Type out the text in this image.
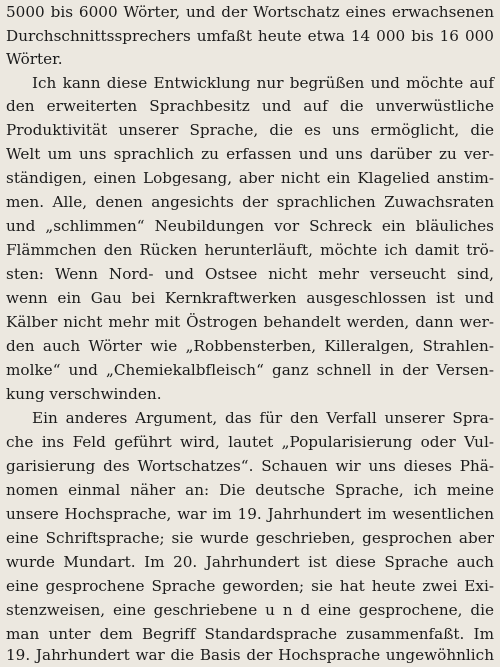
5000 bis 6000 Wörter, und der Wortschatz eines erwachsenen
Durchschnittssprechers umfaßt heute etwa 14 000 bis 16 000
Wörter.
Ich kann diese Entwicklung nur begrüßen und möchte auf
den erweiterten Sprachbesitz und auf die unverwüstliche
Produktivität unserer Sprache, die es uns ermöglicht, die
Welt um uns sprachlich zu erfassen und uns darüber zu ver-
ständigen, einen Lobgesang, aber nicht ein Klagelied anstim-
men. Alle, denen angesichts der sprachlichen Zuwachsraten
und „schlimmen“ Neubildungen vor Schreck ein bläuliches
Flämmchen den Rücken herunterläuft, möchte ich damit trö-
sten: Wenn Nord- und Ostsee nicht mehr verseucht sind,
wenn ein Gau bei Kernkraftwerken ausgeschlossen ist und
Kälber nicht mehr mit Östrogen behandelt werden, dann wer-
den auch Wörter wie „Robbensterben, Killeralgen, Strahlen-
molke“ und „Chemiekalbfleisch“ ganz schnell in der Versen-
kung verschwinden.
Ein anderes Argument, das für den Verfall unserer Spra-
che ins Feld geführt wird, lautet „Popularisierung oder Vul-
garisierung des Wortschatzes“. Schauen wir uns dieses Phä-
nomen einmal näher an: Die deutsche Sprache, ich meine
unsere Hochsprache, war im 19. Jahrhundert im wesentlichen
eine Schriftsprache; sie wurde geschrieben, gesprochen aber
wurde Mundart. Im 20. Jahrhundert ist diese Sprache auch
eine gesprochene Sprache geworden; sie hat heute zwei Exi-
stenzweisen, eine geschriebene u n d eine gesprochene, die
man unter dem Begriff Standardsprache zusammenfaßt. Im
19. Jahrhundert war die Basis der Hochsprache ungewöhnlich
